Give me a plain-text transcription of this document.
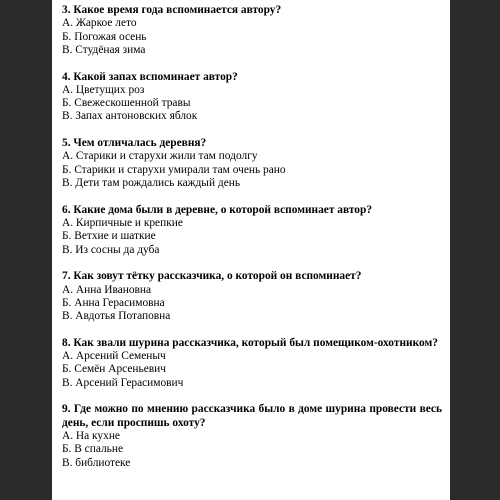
3. Какое время года вспоминается автору?

А. Жаркое лето

Б. Погожая осень

В. Студёная зима

4. Какой запах вспоминает автор?

А. Цветущих роз

Б. Свежескошенной травы

В. Запах антоновских яблок

5. Чем отличалась деревня?

А. Старики и старухи жили там подолгу

Б. Старики и старухи умирали там очень рано

В. Дети там рождались каждый день

6. Какие дома были в деревне, о которой вспоминает автор?

А. Кирпичные и крепкие

Б. Ветхие и шаткие

В. Из сосны да дуба

7. Как зовут тётку рассказчика, о которой он вспоминает?

А. Анна Ивановна

Б. Анна Герасимовна

В. Авдотья Потаповна

8. Как звали шурина рассказчика, который был помещиком-охотником?

А. Арсений Семеныч

Б. Семён Арсеньевич

В. Арсений Герасимович

9. Где можно по мнению рассказчика было в доме шурина провести весь день, если проспишь охоту?

А. На кухне

Б. В спальне

В. библиотеке
